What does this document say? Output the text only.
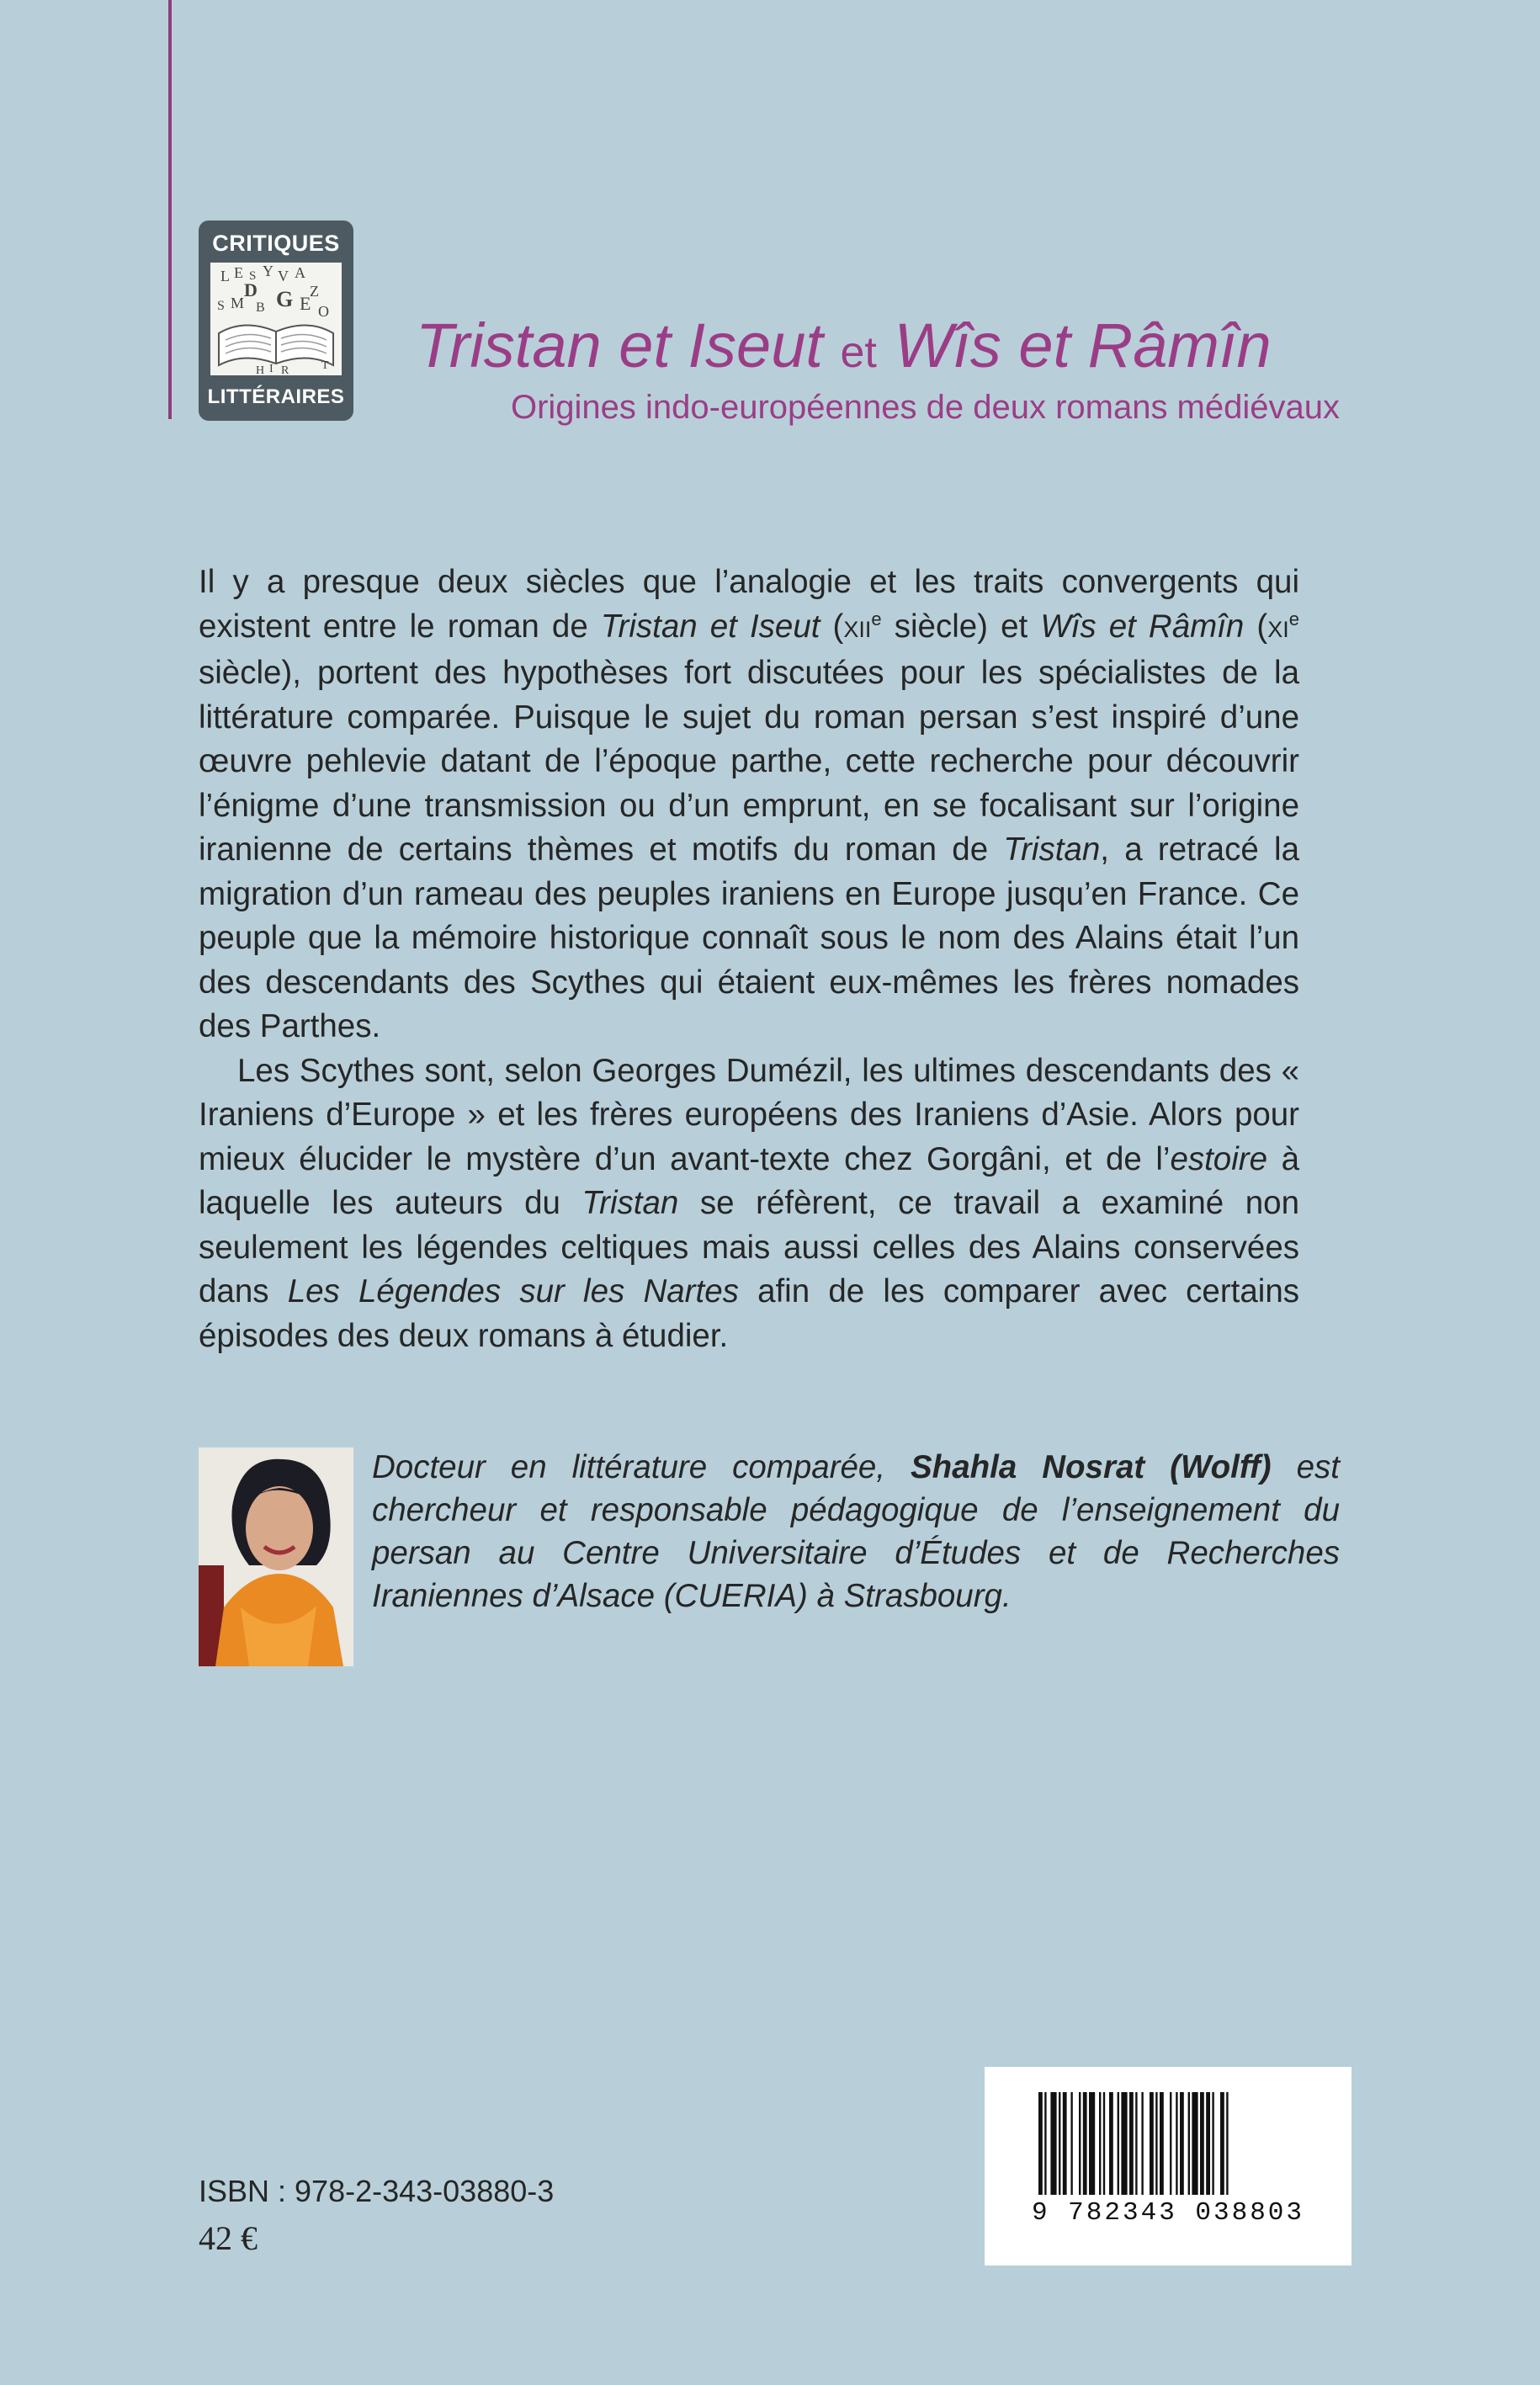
CRITIQUES
L E S Y V A
D	Z
S M B G E O
H I R	T
LITTÉRAIRES
Tristan et Iseut et Wîs et Râmîn
Origines indo-européennes de deux romans médiévaux

Il y a presque deux siècles que l’analogie et les traits convergents qui existent entre le roman de Tristan et Iseut (XIIe siècle) et Wîs et Râmîn (XIe siècle), portent des hypothèses fort discutées pour les spécialistes de la littérature comparée. Puisque le sujet du roman persan s’est inspiré d’une œuvre pehlevie datant de l’époque parthe, cette recherche pour découvrir l’énigme d’une transmission ou d’un emprunt, en se focalisant sur l’origine iranienne de certains thèmes et motifs du roman de Tristan, a retracé la migration d’un rameau des peuples iraniens en Europe jusqu’en France. Ce peuple que la mémoire historique connaît sous le nom des Alains était l’un des descendants des Scythes qui étaient eux-mêmes les frères nomades des Parthes.

Les Scythes sont, selon Georges Dumézil, les ultimes descendants des « Iraniens d’Europe » et les frères européens des Iraniens d’Asie. Alors pour mieux élucider le mystère d’un avant-texte chez Gorgâni, et de l’estoire à laquelle les auteurs du Tristan se réfèrent, ce travail a examiné non seulement les légendes celtiques mais aussi celles des Alains conservées dans Les Légendes sur les Nartes afin de les comparer avec certains épisodes des deux romans à étudier.

Docteur en littérature comparée, Shahla Nosrat (Wolff) est chercheur et responsable pédagogique de l’enseignement du persan au Centre Universitaire d’Études et de Recherches Iraniennes d’Alsace (CUERIA) à Strasbourg.
ISBN : 978-2-343-03880-3
42 €
9 782343 038803
